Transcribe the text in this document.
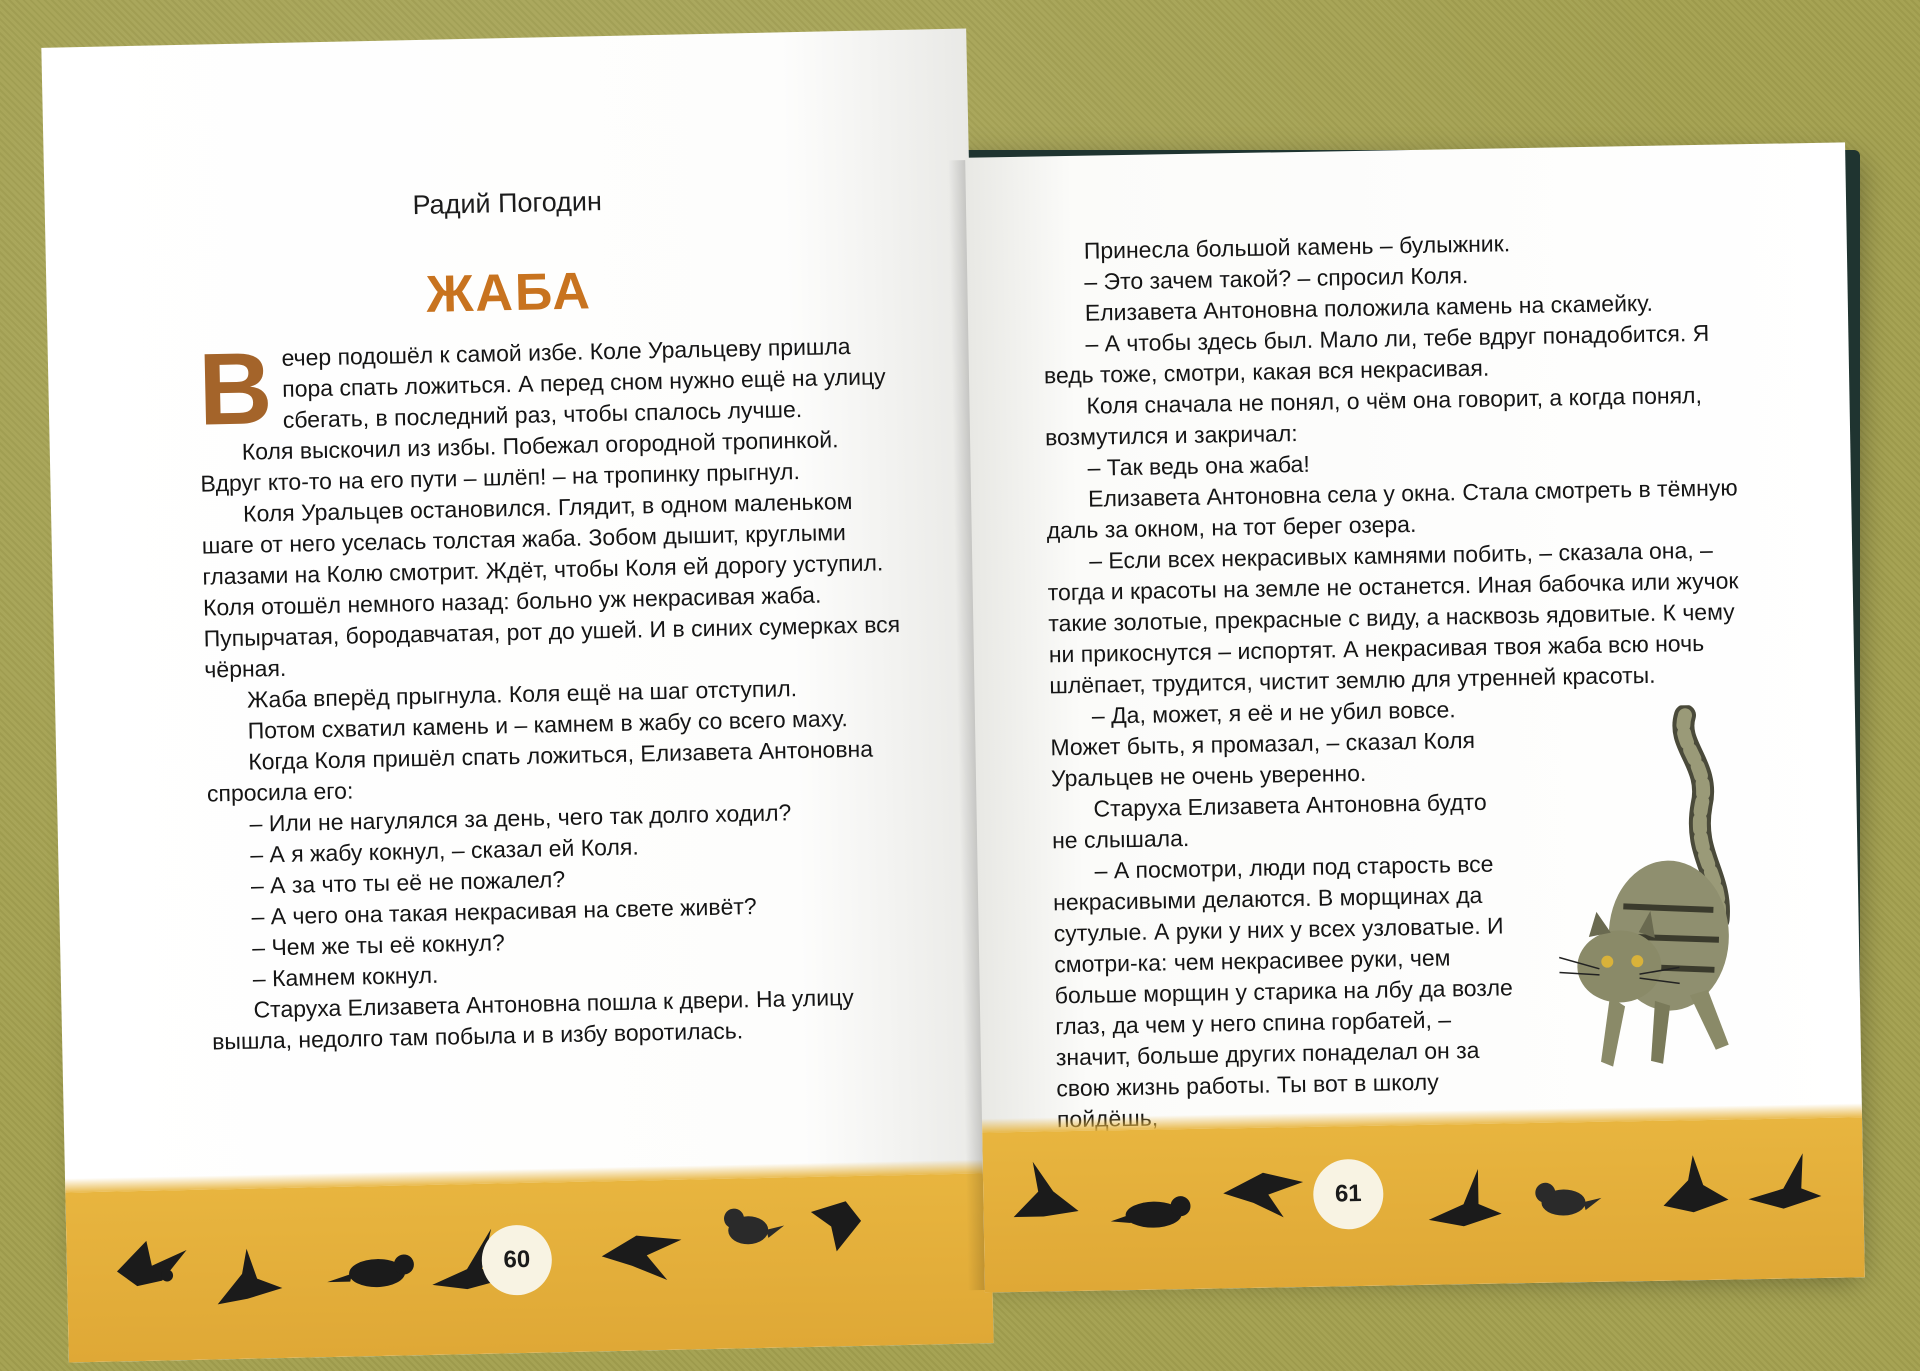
Радий Погодин
ЖАБА

В ечер подошёл к самой избе. Коле Уральцеву пришла пора спать ложиться. А перед сном нужно ещё на улицу сбегать, в последний раз, чтобы спалось лучше.

Коля выскочил из избы. Побежал огородной тропинкой. Вдруг кто-то на его пути – шлёп! – на тропинку прыгнул.

Коля Уральцев остановился. Глядит, в одном маленьком шаге от него уселась толстая жаба. Зобом дышит, круглыми глазами на Колю смотрит. Ждёт, чтобы Коля ей дорогу уступил. Коля отошёл немного назад: больно уж некрасивая жаба. Пупырчатая, бородавчатая, рот до ушей. И в синих сумерках вся чёрная.

Жаба вперёд прыгнула. Коля ещё на шаг отступил.

Потом схватил камень и – камнем в жабу со всего маху.

Когда Коля пришёл спать ложиться, Елизавета Антоновна спросила его:

– Или не нагулялся за день, чего так долго ходил?

– А я жабу кокнул, – сказал ей Коля.

– А за что ты её не пожалел?

– А чего она такая некрасивая на свете живёт?

– Чем же ты её кокнул?

– Камнем кокнул.

Старуха Елизавета Антоновна пошла к двери. На улицу вышла, недолго там побыла и в избу воротилась.

60

Принесла большой камень – булыжник.

– Это зачем такой? – спросил Коля.

Елизавета Антоновна положила камень на скамейку.

– А чтобы здесь был. Мало ли, тебе вдруг понадобится. Я ведь тоже, смотри, какая вся некрасивая.

Коля сначала не понял, о чём она говорит, а когда понял, возмутился и закричал:

– Так ведь она жаба!

Елизавета Антоновна села у окна. Стала смотреть в тёмную даль за окном, на тот берег озера.

– Если всех некрасивых камнями побить, – сказала она, – тогда и красоты на земле не останется. Иная бабочка или жучок такие золотые, прекрасные с виду, а насквозь ядовитые. К чему ни прикоснутся – испортят. А некрасивая твоя жаба всю ночь шлёпает, трудится, чистит землю для утренней красоты.

– Да, может, я её и не убил вовсе. Может быть, я промазал, – сказал Коля Уральцев не очень уверенно.

Старуха Елизавета Антоновна будто не слышала.

– А посмотри, люди под старость все некрасивыми делаются. В морщинах да сутулые. А руки у них у всех узловатые. И смотри-ка: чем некрасивее руки, чем больше морщин у старика на лбу да возле глаз, да чем у него спина горбатей, – значит, больше других понаделал он за свою жизнь работы. Ты вот в школу

61
